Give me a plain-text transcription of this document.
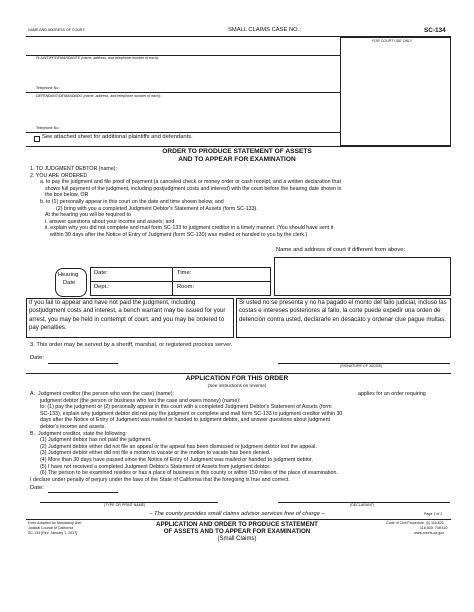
NAME AND ADDRESS OF COURT:	SMALL CLAIMS CASE NO.:	SC-134
FOR COURT USE ONLY
PLAINTIFF/DEMANDANTE (name, address, and telephone number of each):
Telephone No.:
DEFENDANT/DEMANDADO (name, address, and telephone number of each):
Telephone No.:
See attached sheet for additional plaintiffs and defendants.
ORDER TO PRODUCE STATEMENT OF ASSETS
AND TO APPEAR FOR EXAMINATION
1. TO JUDGMENT DEBTOR (name):
2. YOU ARE ORDERED
a. to pay the judgment and file proof of payment (a canceled check or money order or cash receipt, and a written declaration that
shows full payment of the judgment, including postjudgment costs and interest) with the court before the hearing date shown in
the box below, OR
b. to (1) personally appear in this court on the date and time shown below, and
(2) bring with you a completed Judgment Debtor's Statement of Assets (form SC-133).
At the hearing you will be required to
i. answer questions about your income and assets; and
ii. explain why you did not complete and mail form SC-133 to judgment creditor in a timely manner. (You should have sent it
within 30 days after the Notice of Entry of Judgment (form SC-130) was mailed or handed to you by the clerk.)
Name and address of court if different from above:
Hearing
Date
Date:	Time:
Dept.:	Room:
If you fail to appear and have not paid the judgment, including postjudgment costs and interest, a bench warrant may be issued for your arrest, you may be held in contempt of court, and you may be ordered to pay penalties.
Si usted no se presenta y no ha pagado el monto del fallo judicial, incluso las costas e intereses posteriores al fallo, la corte puede expedir una orden de detención contra usted, declararle en desacato y ordenar clue pague multas.
3. This order may be served by a sheriff, marshal, or registered process server.
Date:
(SIGNATURE OF JUDGE)
APPLICATION FOR THIS ORDER
(See instructions on reverse)
A.  Judgment creditor (the person who won the case) (name):
judgment debtor (the person or business who lost the case and owes money) (name):
to: (1) pay the judgment or (2) personally appear in this court with a completed Judgment Debtor's Statement of Assets (form
SC-133), explain why judgment debtor did not pay the judgment or complete and mail form SC-133 to judgment creditor within 30
days after the Notice of Entry of Judgment was mailed or handed to judgment debtor, and answer questions about judgment
debtor's income and assets.
B.  Judgment creditor, state the following:
(1) Judgment debtor has not paid the judgment.
(2) Judgment debtor either did not file an appeal or the appeal has been dismissed or judgment debtor lost the appeal.
(3) Judgment debtor either did not file a motion to vacate or the motion to vacate has been denied.
(4) More than 30 days have passed since the Notice of Entry of Judgment was mailed or handed to judgment debtor.
(5) I have not received a completed Judgment Debtor's Statement of Assets from judgment debtor.
(6) The person to be examined resides or has a place of business in this county or within 150 miles of the place of examination.
I declare under penalty of perjury under the laws of the State of California that the foregoing is true and correct.
applies for an order requiring
Date:
(TYPE OR PRINT NAME)	(DECLARANT)
– The county provides small claims advisor services free of charge –	Page 1 of 2
Form Adopted for Mandatory Use
Judicial Council of California
SC-134 [Rev. January 1, 2017]
APPLICATION AND ORDER TO PRODUCE STATEMENT
OF ASSETS AND TO APPEAR FOR EXAMINATION
(Small Claims)
Code of Civil Procedure, §§ 116.820,
116.830, 708.110
www.courts.ca.gov
